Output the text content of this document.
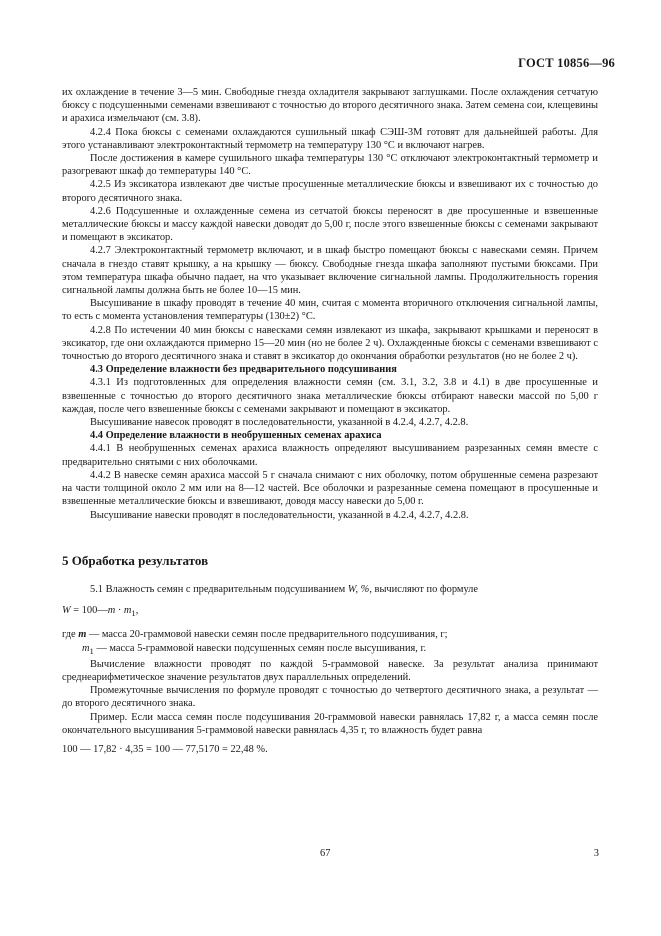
ГОСТ 10856—96

их охлаждение в течение 3—5 мин. Свободные гнезда охладителя закрывают заглушками. После охлаждения сетчатую бюксу с подсушенными семенами взвешивают с точностью до второго десятичного знака. Затем семена сои, клещевины и арахиса измельчают (см. 3.8).

4.2.4 Пока бюксы с семенами охлаждаются сушильный шкаф СЭШ-3М готовят для дальнейшей работы. Для этого устанавливают электроконтактный термометр на температуру 130 °С и включают нагрев.

После достижения в камере сушильного шкафа температуры 130 °С отключают электроконтактный термометр и разогревают шкаф до температуры 140 °С.

4.2.5 Из эксикатора извлекают две чистые просушенные металлические бюксы и взвешивают их с точностью до второго десятичного знака.

4.2.6 Подсушенные и охлажденные семена из сетчатой бюксы переносят в две просушенные и взвешенные металлические бюксы и массу каждой навески доводят до 5,00 г, после этого взвешенные бюксы с семенами закрывают и помещают в эксикатор.

4.2.7 Электроконтактный термометр включают, и в шкаф быстро помещают бюксы с навесками семян. Причем сначала в гнездо ставят крышку, а на крышку — бюксу. Свободные гнезда шкафа заполняют пустыми бюксами. При этом температура шкафа обычно падает, на что указывает включение сигнальной лампы. Продолжительность горения сигнальной лампы должна быть не более 10—15 мин.

Высушивание в шкафу проводят в течение 40 мин, считая с момента вторичного отключения сигнальной лампы, то есть с момента установления температуры (130±2) °С.

4.2.8 По истечении 40 мин бюксы с навесками семян извлекают из шкафа, закрывают крышками и переносят в эксикатор, где они охлаждаются примерно 15—20 мин (но не более 2 ч). Охлажденные бюксы с семенами взвешивают с точностью до второго десятичного знака и ставят в эксикатор до окончания обработки результатов (но не более 2 ч).

4.3 Определение влажности без предварительного подсушивания

4.3.1 Из подготовленных для определения влажности семян (см. 3.1, 3.2, 3.8 и 4.1) в две просушенные и взвешенные с точностью до второго десятичного знака металлические бюксы отбирают навески массой по 5,00 г каждая, после чего взвешенные бюксы с семенами закрывают и помещают в эксикатор.

Высушивание навесок проводят в последовательности, указанной в 4.2.4, 4.2.7, 4.2.8.

4.4 Определение влажности в необрушенных семенах арахиса

4.4.1 В необрушенных семенах арахиса влажность определяют высушиванием разрезанных семян вместе с предварительно снятыми с них оболочками.

4.4.2 В навеске семян арахиса массой 5 г сначала снимают с них оболочку, потом обрушенные семена разрезают на части толщиной около 2 мм или на 8—12 частей. Все оболочки и разрезанные семена помещают в просушенные и взвешенные металлические бюксы и взвешивают, доводя массу навески до 5,00 г.

Высушивание навески проводят в последовательности, указанной в 4.2.4, 4.2.7, 4.2.8.

5 Обработка результатов

5.1 Влажность семян с предварительным подсушиванием W, %, вычисляют по формуле

W = 100—m · $m_1$,

где m — масса 20-граммовой навески семян после предварительного подсушивания, г;

$m_1$ — масса 5-граммовой навески подсушенных семян после высушивания, г.

Вычисление влажности проводят по каждой 5-граммовой навеске. За результат анализа принимают среднеарифметическое значение результатов двух параллельных определений.

Промежуточные вычисления по формуле проводят с точностью до четвертого десятичного знака, а результат — до второго десятичного знака.

Пример. Если масса семян после подсушивания 20-граммовой навески равнялась 17,82 г, а масса семян после окончательного высушивания 5-граммовой навески равнялась 4,35 г, то влажность будет равна

100 — 17,82 · 4,35 = 100 — 77,5170 = 22,48 %.

67	3
